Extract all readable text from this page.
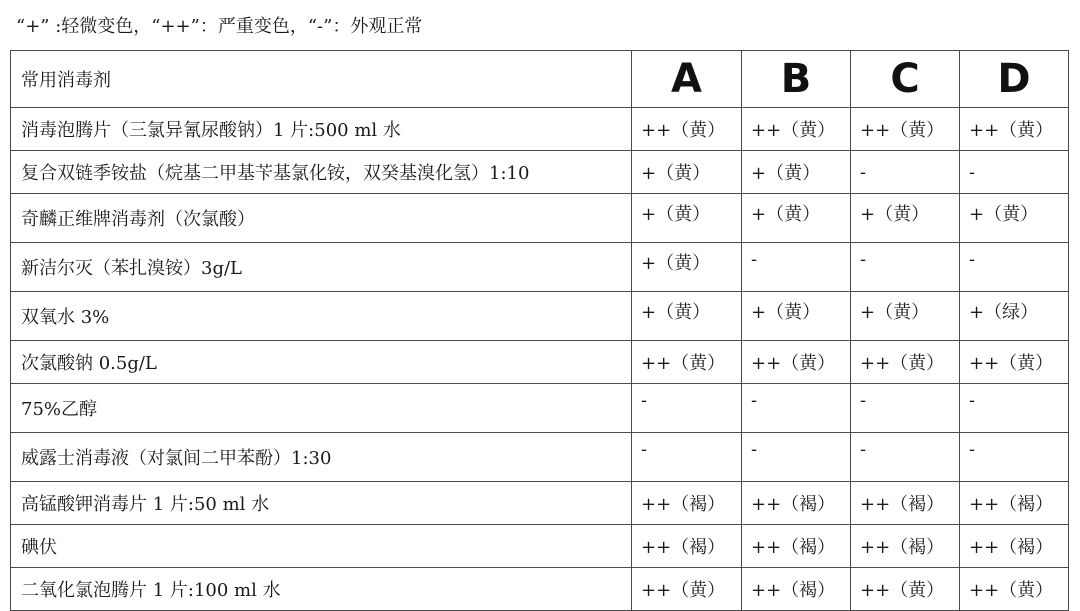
“+” :轻微变色，“++”：严重变色，“-”：外观正常
常用消毒剂	A	B	C	D
消毒泡腾片（三氯异氰尿酸钠）1 片:500 ml 水	++（黄）	++（黄）	++（黄）	++（黄）
复合双链季铵盐（烷基二甲基苄基氯化铵，双癸基溴化氢）1:10	+（黄）	+（黄）	-	-
奇麟正维牌消毒剂（次氯酸）	+（黄）	+（黄）	+（黄）	+（黄）
新洁尔灭（苯扎溴铵）3g/L	+（黄）	-	-	-
双氧水 3%	+（黄）	+（黄）	+（黄）	+（绿）
次氯酸钠 0.5g/L	++（黄）	++（黄）	++（黄）	++（黄）
75%乙醇	-	-	-	-
威露士消毒液（对氯间二甲苯酚）1:30	-	-	-	-
高锰酸钾消毒片 1 片:50 ml 水	++（褐）	++（褐）	++（褐）	++（褐）
碘伏	++（褐）	++（褐）	++（褐）	++（褐）
二氧化氯泡腾片 1 片:100 ml 水	++（黄）	++（褐）	++（黄）	++（黄）
